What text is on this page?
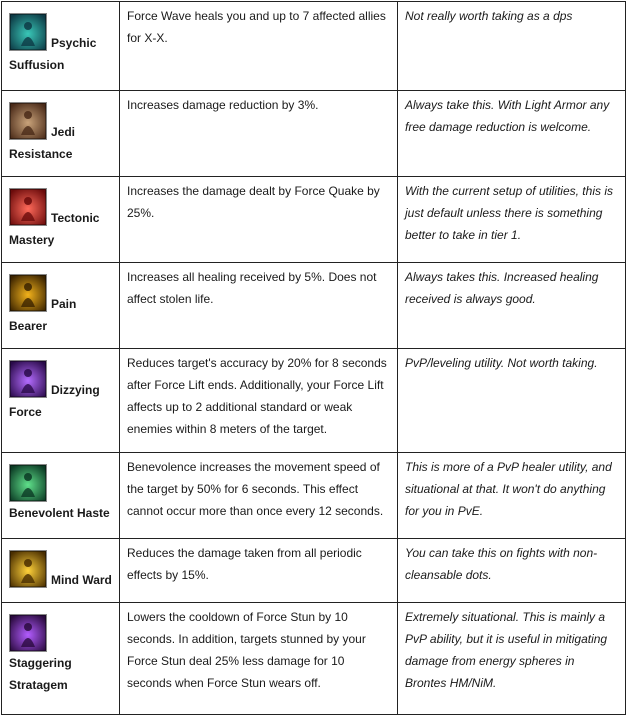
Psychic
Suffusion	Force Wave heals you and up to 7 affected allies for X-X.	Not really worth taking as a dps

Jedi
Resistance	Increases damage reduction by 3%.	Always take this. With Light Armor any free damage reduction is welcome.

Tectonic
Mastery	Increases the damage dealt by Force Quake by 25%.	With the current setup of utilities, this is just default unless there is something better to take in tier 1.

Pain
Bearer	Increases all healing received by 5%. Does not affect stolen life.	Always takes this. Increased healing received is always good.

Dizzying
Force	Reduces target's accuracy by 20% for 8 seconds after Force Lift ends. Additionally, your Force Lift affects up to 2 additional standard or weak enemies within 8 meters of the target.	PvP/leveling utility. Not worth taking.

Benevolent Haste	Benevolence increases the movement speed of the target by 50% for 6 seconds. This effect cannot occur more than once every 12 seconds.	This is more of a PvP healer utility, and situational at that. It won't do anything for you in PvE.

Mind Ward	Reduces the damage taken from all periodic effects by 15%.	You can take this on fights with non-cleansable dots.

Staggering Stratagem	Lowers the cooldown of Force Stun by 10 seconds. In addition, targets stunned by your Force Stun deal 25% less damage for 10 seconds when Force Stun wears off.	Extremely situational. This is mainly a PvP ability, but it is useful in mitigating damage from energy spheres in Brontes HM/NiM.
